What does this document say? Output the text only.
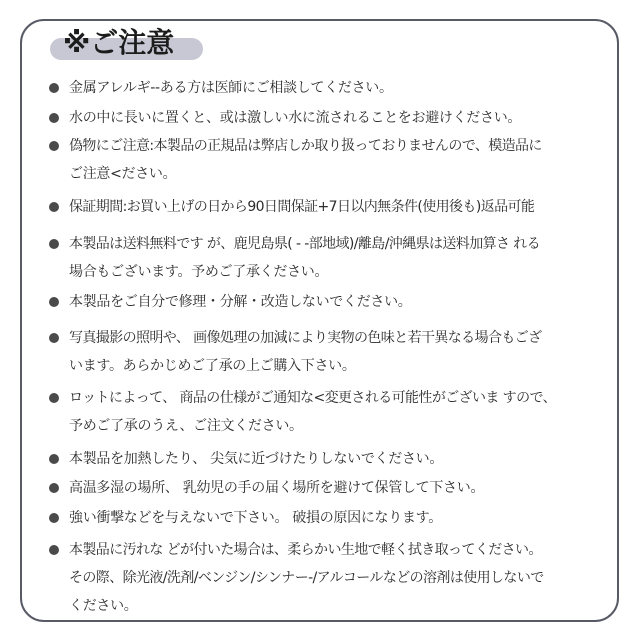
※ご注意
金属アレルギ--ある方は医師にご相談してください。
水の中に長いに置くと、或は激しい水に流されることをお避けください。
偽物にご注意:本製品の正規品は弊店しか取り扱っておりませんので、模造品に
ご注意<ださい。
保証期間:お買い上げの日から90日間保証+7日以内無条件(使用後も)返品可能
本製品は送料無料です が、鹿児島県( - -部地域)/離島/沖縄県は送料加算さ れる
場合もございます。予めご了承ください。
本製品をご自分で修理・分解・改造しないでください。
写真撮影の照明や、 画像処理の加減により実物の色味と若干異なる場合もござ
います。あらかじめご了承の上ご購入下さい。
ロットによって、 商品の仕様がご通知な<変更される可能性がございま すので、
予めご了承のうえ、ご注文ください。
本製品を加熱したり、 尖気に近づけたりしないでください。
高温多湿の場所、 乳幼児の手の届く場所を避けて保管して下さい。
強い衝撃などを与えないで下さい。 破損の原因になります。
本製品に汚れな どが付いた場合は、柔らかい生地で軽く拭き取ってください。
その際、除光液/洗剤/ベンジン/シンナー-/アルコールなどの溶剤は使用しないで
ください。
